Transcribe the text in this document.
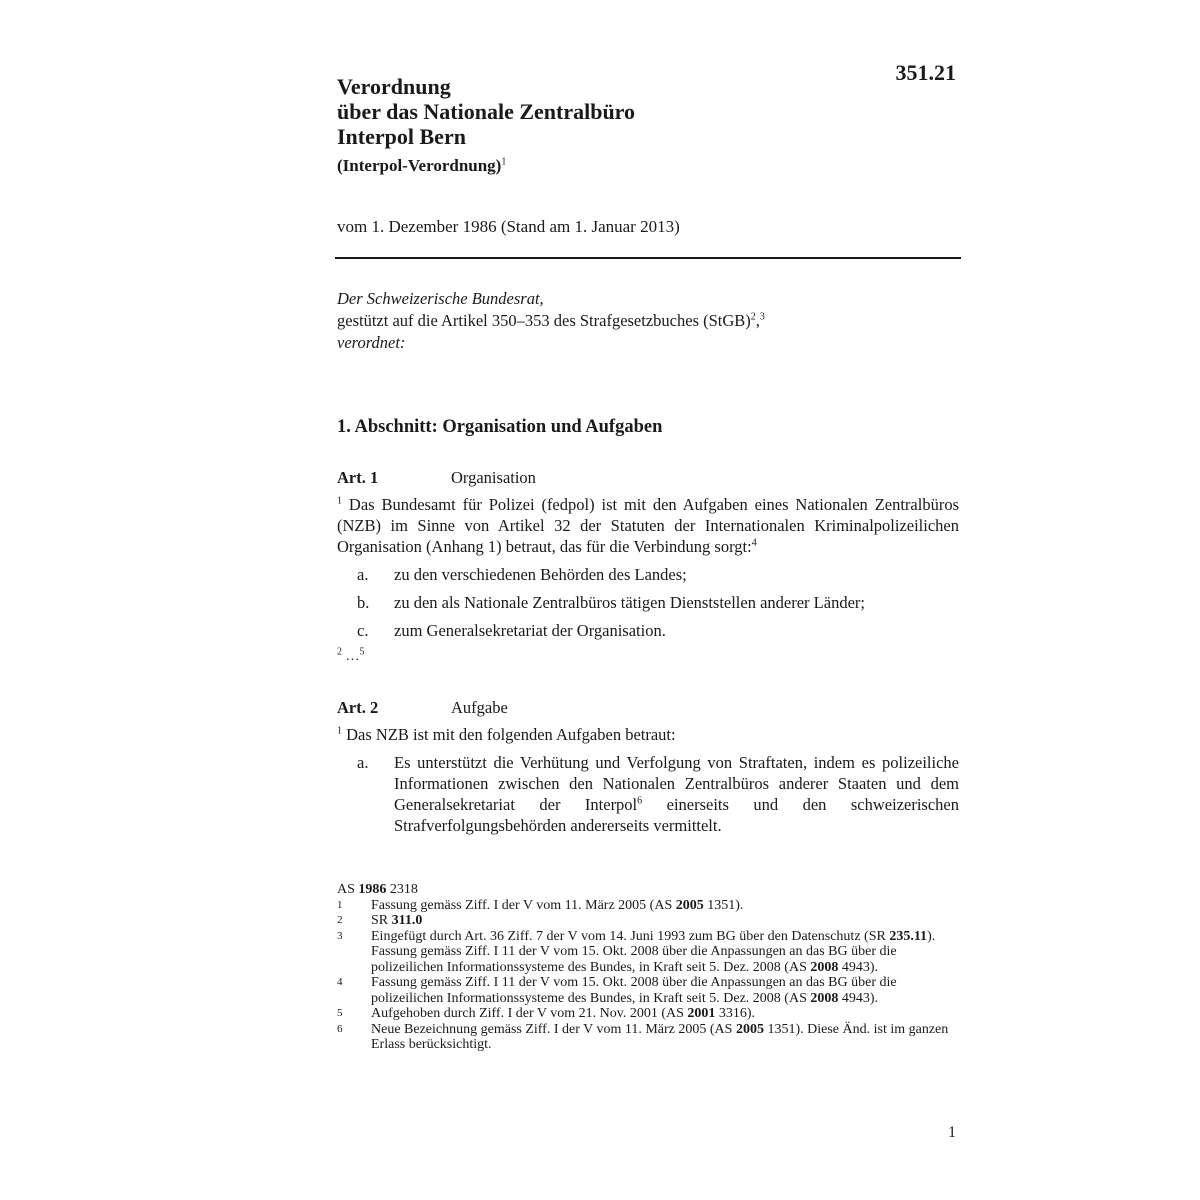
351.21
Verordnung
über das Nationale Zentralbüro
Interpol Bern
(Interpol-Verordnung)$^1$
vom 1. Dezember 1986 (Stand am 1. Januar 2013)
Der Schweizerische Bundesrat,
gestützt auf die Artikel 350–353 des Strafgesetzbuches (StGB)$^2$,$^3$
verordnet:
1. Abschnitt: Organisation und Aufgaben
Art. 1	Organisation
$^1$ Das Bundesamt für Polizei (fedpol) ist mit den Aufgaben eines Nationalen Zentralbüros (NZB) im Sinne von Artikel 32 der Statuten der Internationalen Kriminalpolizeilichen Organisation (Anhang 1) betraut, das für die Verbindung sorgt:$^4$
a.	zu den verschiedenen Behörden des Landes;
b.	zu den als Nationale Zentralbüros tätigen Dienststellen anderer Länder;
c.	zum Generalsekretariat der Organisation.
$^2$ …$^5$
Art. 2	Aufgabe
$^1$ Das NZB ist mit den folgenden Aufgaben betraut:
a.	Es unterstützt die Verhütung und Verfolgung von Straftaten, indem es polizeiliche Informationen zwischen den Nationalen Zentralbüros anderer Staaten und dem Generalsekretariat der Interpol$^6$ einerseits und den schweizerischen Strafverfolgungsbehörden andererseits vermittelt.
AS 1986 2318
1	Fassung gemäss Ziff. I der V vom 11. März 2005 (AS 2005 1351).
2	SR 311.0
3	Eingefügt durch Art. 36 Ziff. 7 der V vom 14. Juni 1993 zum BG über den Datenschutz (SR 235.11). Fassung gemäss Ziff. I 11 der V vom 15. Okt. 2008 über die Anpassungen an das BG über die polizeilichen Informationssysteme des Bundes, in Kraft seit 5. Dez. 2008 (AS 2008 4943).
4	Fassung gemäss Ziff. I 11 der V vom 15. Okt. 2008 über die Anpassungen an das BG über die polizeilichen Informationssysteme des Bundes, in Kraft seit 5. Dez. 2008 (AS 2008 4943).
5	Aufgehoben durch Ziff. I der V vom 21. Nov. 2001 (AS 2001 3316).
6	Neue Bezeichnung gemäss Ziff. I der V vom 11. März 2005 (AS 2005 1351). Diese Änd. ist im ganzen Erlass berücksichtigt.
1
